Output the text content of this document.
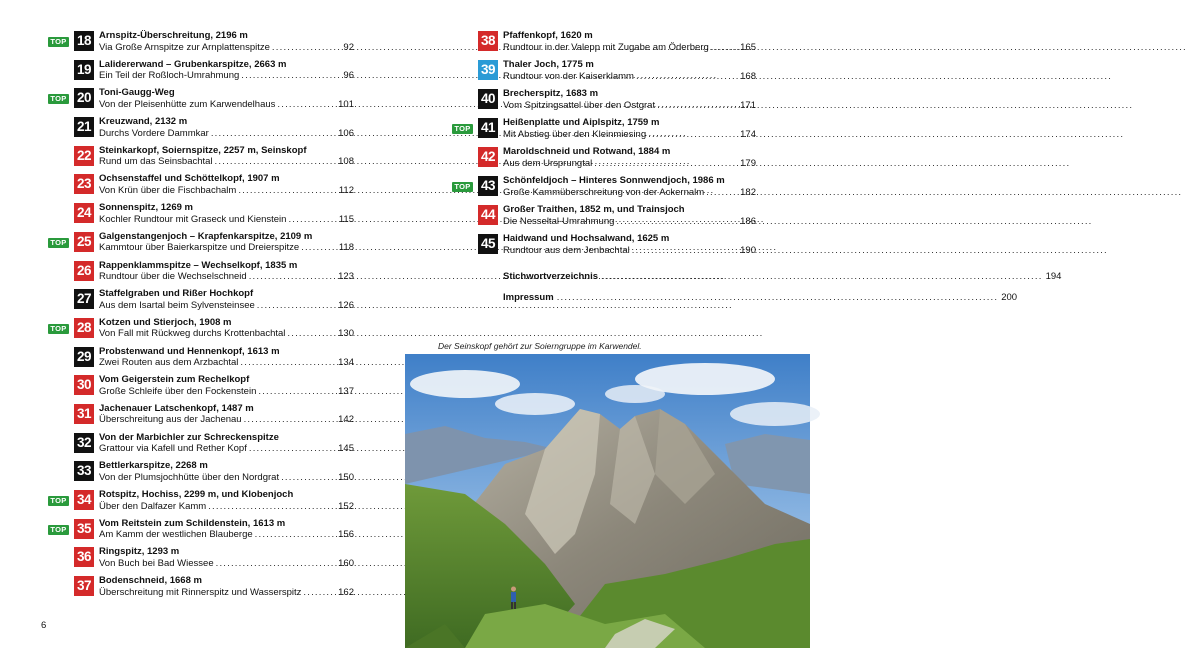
TOP 18 Arnspitz-Überschreitung, 2196 m
Via Große Arnspitze zur Arnplattenspitze .....	92
19 Lalidererwand – Grubenkarspitze, 2663 m
Ein Teil der Roßloch-Umrahmung .....	96
TOP 20 Toni-Gaugg-Weg
Von der Pleisenhütte zum Karwendelhaus .....	101
21 Kreuzwand, 2132 m
Durchs Vordere Dammkar .....	106
22 Steinkarkopf, Soiernspitze, 2257 m, Seinskopf
Rund um das Seinsbachtal .....	108
23 Ochsenstaffel und Schöttelkopf, 1907 m
Von Krün über die Fischbachalm .....	112
24 Sonnenspitz, 1269 m
Kochler Rundtour mit Graseck und Kienstein .....	115
TOP 25 Galgenstangenjoch – Krapfenkarspitze, 2109 m
Kammtour über Baierkarspitze und Dreierspitze .....	118
26 Rappenklammspitze – Wechselkopf, 1835 m
Rundtour über die Wechselschneid .....	123
27 Staffelgraben und Rißer Hochkopf
Aus dem Isartal beim Sylvensteinsee .....	126
TOP 28 Kotzen und Stierjoch, 1908 m
Von Fall mit Rückweg durchs Krottenbachtal .....	130
29 Probstenwand und Hennenkopf, 1613 m
Zwei Routen aus dem Arzbachtal .....	134
30 Vom Geigerstein zum Rechelkopf
Große Schleife über den Fockenstein .....	137
31 Jachenauer Latschenkopf, 1487 m
Überschreitung aus der Jachenau .....	142
32 Von der Marbichler zur Schreckenspitze
Grattour via Kafell und Rether Kopf .....	145
33 Bettlerkarspitze, 2268 m
Von der Plumsjochhütte über den Nordgrat .....	150
TOP 34 Rotspitz, Hochiss, 2299 m, und Klobenjoch
Über den Dalfazer Kamm .....	152
TOP 35 Vom Reitstein zum Schildenstein, 1613 m
Am Kamm der westlichen Blauberge .....	156
36 Ringspitz, 1293 m
Von Buch bei Bad Wiessee .....	160
37 Bodenschneid, 1668 m
Überschreitung mit Rinnerspitz und Wasserspitz .....	162
38 Pfaffenkopf, 1620 m
Rundtour in der Valepp mit Zugabe am Öderberg .....	165
39 Thaler Joch, 1775 m
Rundtour von der Kaiserklamm .....	168
40 Brecherspitz, 1683 m
Vom Spitzingsattel über den Ostgrat .....	171
TOP 41 Heißenplatte und Aiplspitz, 1759 m
Mit Abstieg über den Kleinmiesing .....	174
42 Maroldschneid und Rotwand, 1884 m
Aus dem Ursprungtal .....	179
TOP 43 Schönfeldjoch – Hinteres Sonnwendjoch, 1986 m
Große Kammüberschreitung von der Ackernalm .....	182
44 Großer Traithen, 1852 m, und Trainsjoch
Die Nesseltal-Umrahmung .....	186
45 Haidwand und Hochsalwand, 1625 m
Rundtour aus dem Jenbachtal .....	190
Stichwortverzeichnis .....	194
Impressum .....	200
Der Seinskopf gehört zur Soierngruppe im Karwendel.
6
